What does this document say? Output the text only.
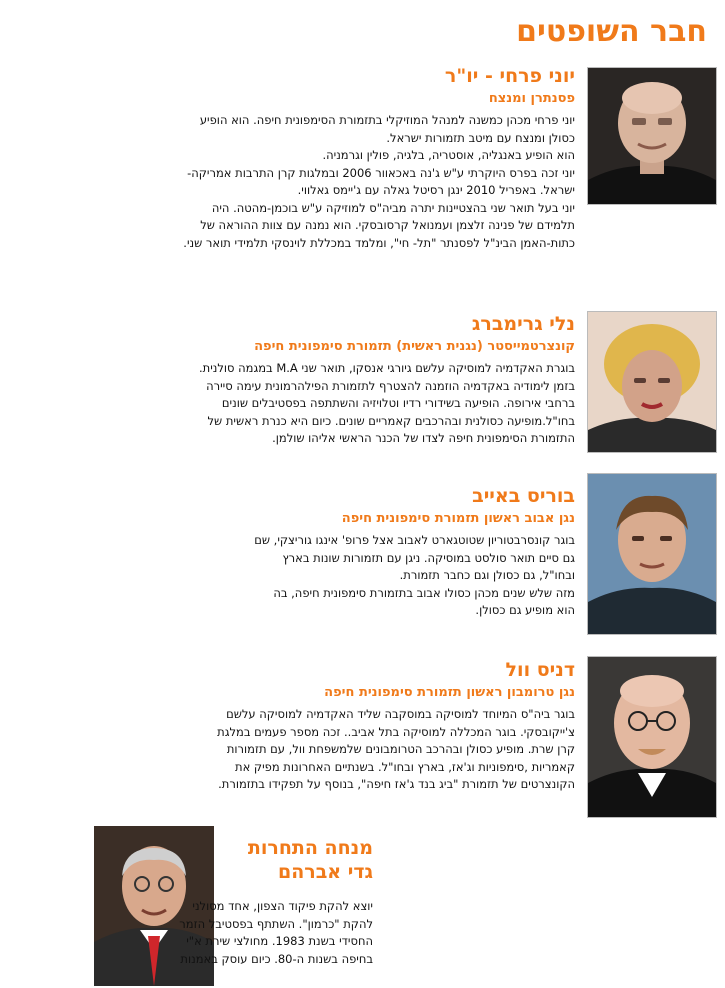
חבר השופטים
יוני פרחי - יו"ר
פסנתרן ומנצח
יוני פרחי מכהן כמשנה למנהל המוזיקלי בתזמורת הסימפונית חיפה. הוא הופיע
כסולן ומנצח עם מיטב תזמורות ישראל.
הוא הופיע באנגליה, אוסטריה, בלגיה, פולין וגרמניה.
יוני זכה בפרס היוקרתי ע"ש ג'נה באכאוור 2006 ובמלגות קרן התרבות אמריקה-
ישראל. באפריל 2010 ינגן רסיטל גאלה עם ג'יימס גאלווי.
יוני בעל תואר שני בהצטיינות יתרה מביה"ס למוזיקה ע"ש בוכמן-מהטה. היה
תלמידם של פנינה זלצמן ועמנואל קרסובסקי. הוא נמנה עם צוות ההוראה של
כתות-האמן הבינ"ל לפסנתר "תל- חי", ומלמד במכללת לוינסקי תלמידי תואר שני.
נלי גרימברג
קונצרטמייסטר (נגנית ראשית) תזמורת סימפונית חיפה
בוגרת האקדמיה למוסיקה עלשם גיורגי אנסקו, תואר שני M.A במגמה סולנית.
בזמן לימודיה באקדמיה הוזמנה להצטרף לתזמורת הפילהרמונית עימה סיירה
ברחבי אירופה. הופיעה בשידורי רדיו וטלויזיה והשתתפה בפסטיבלים שונים
בחו"ל.מופיעה כסולנית ובהרכבים קאמריים שונים. כיום היא כנרת ראשית של
התזמורת הסימפונית חיפה לצדו של הכנר הראשי אליהו שולמן.
בוריס באייב
נגן אבוב ראשון תזמורת סימפונית חיפה
בוגר קונסרבטוריון שטוטגארט לאבוב אצל פרופ' אינגו גוריצקי, שם
גם סיים תואר סולסט במוסיקה. ניגן עם תזמורות שונות בארץ
ובחו"ל, גם כסולן וגם כחבר תזמורת.
מזה שלש שנים מכהן כסולו אבוב בתזמורת סימפונית חיפה, בה
הוא מופיע גם כסולן.
דניס וול
נגן טרומבון ראשון תזמורת סימפונית חיפה
בוגר ביה"ס המיוחד למוסיקה במוסקבה שליד האקדמיה למוסיקה עלשם
צ'ייקובסקי. בוגר המכללה למוסיקה בתל אביב.. זכה מספר פעמים במלגת
קרן שרת. מופיע כסולן ובהרכב הטרומבונים שלמשפחת וול, עם תזמורות
קאמריות ,סימפוניות וג'אז, בארץ ובחו"ל. בשנתיים האחרונות מפיק את
הקונצרטים של תזמורת "ביג בנד ג'אז חיפה", בנוסף על תפקידו בתזמורת.
מנחה התחרות
גדי אברהם
יוצא להקת פיקוד הצפון, אחד מסולני
להקת "כרמון". השתתף בפסטיבל הזמר
החסידי בשנת 1983. מחולצי שירת א"י
בחיפה בשנות ה-80. כיום עוסק באמנות
